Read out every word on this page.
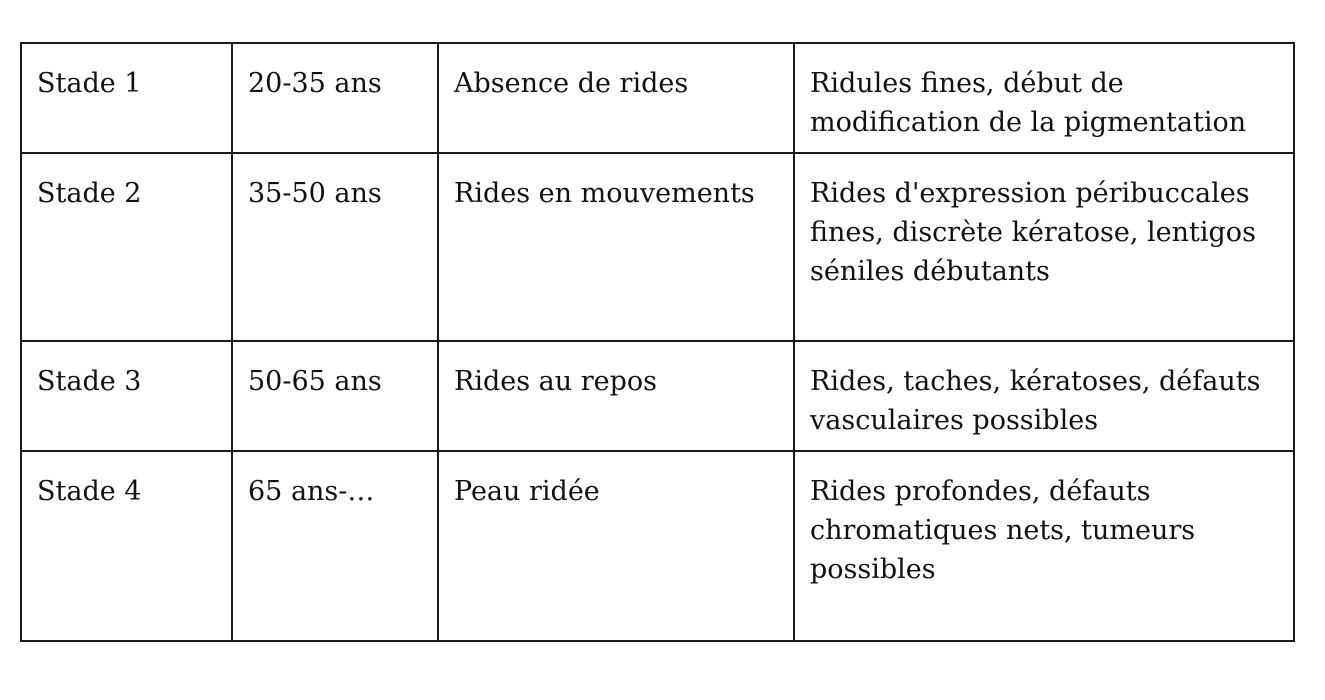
Stade 1	20-35 ans	Absence de rides	Ridules fines, début de
modification de la pigmentation

Stade 2	35-50 ans	Rides en mouvements	Rides d'expression péribuccales
fines, discrète kératose, lentigos
séniles débutants

Stade 3	50-65 ans	Rides au repos	Rides, taches, kératoses, défauts
vasculaires possibles

Stade 4	65 ans-…	Peau ridée	Rides profondes, défauts
chromatiques nets, tumeurs
possibles
